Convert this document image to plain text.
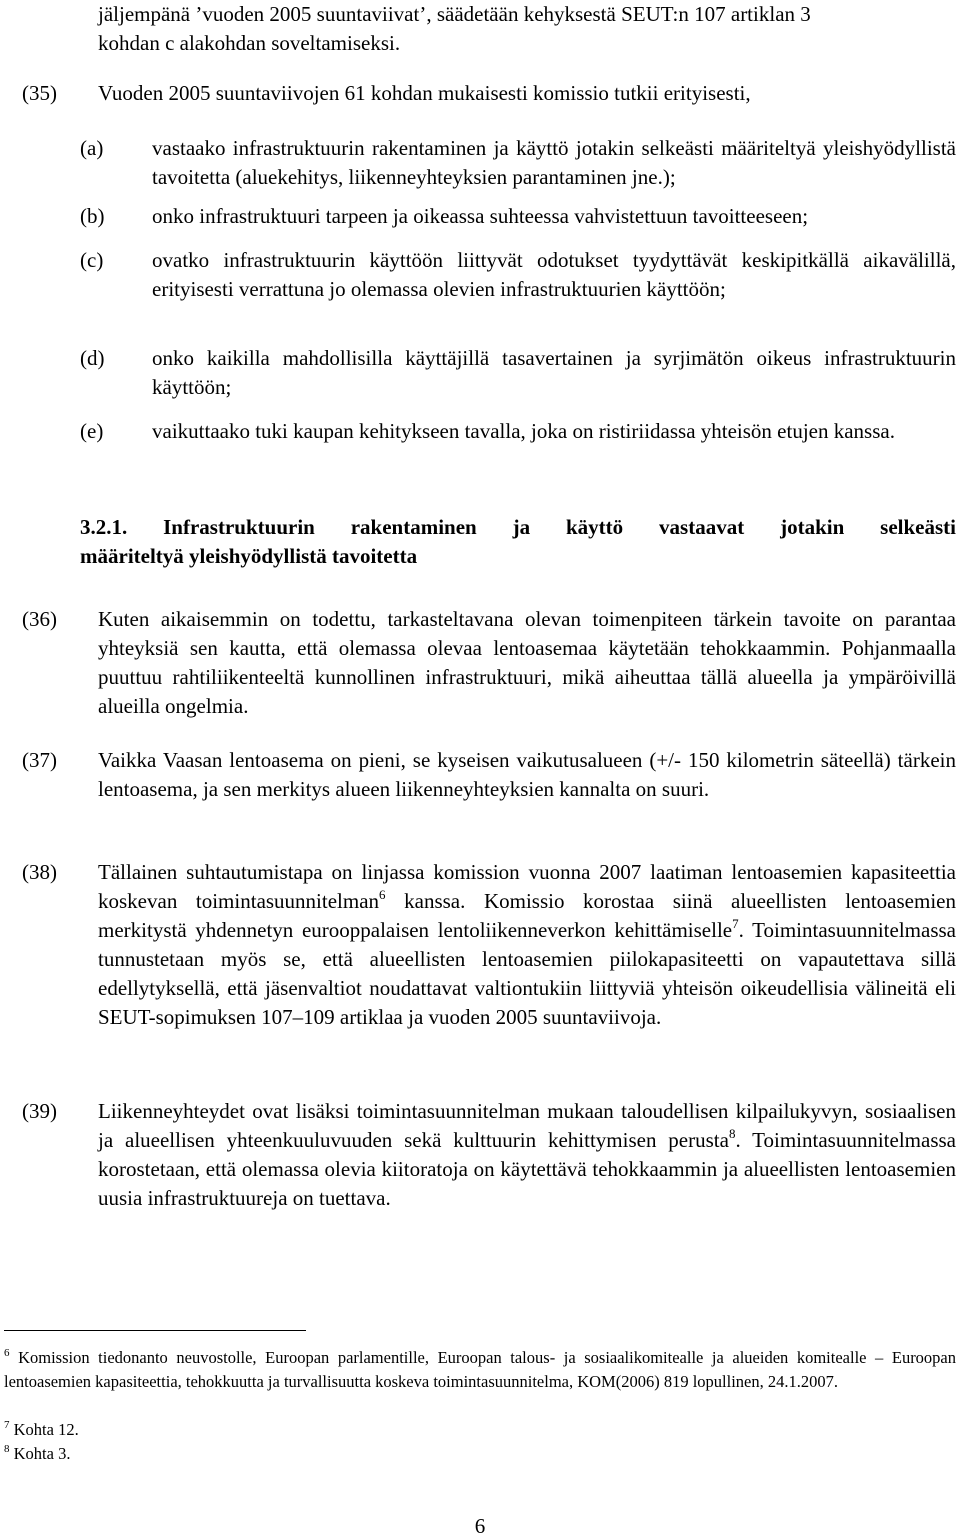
jäljempänä ’vuoden 2005 suuntaviivat’, säädetään kehyksestä SEUT:n 107 artiklan 3
kohdan c alakohdan soveltamiseksi.
(35) Vuoden 2005 suuntaviivojen 61 kohdan mukaisesti komissio tutkii erityisesti,
(a) vastaako infrastruktuurin rakentaminen ja käyttö jotakin selkeästi määriteltyä yleishyödyllistä tavoitetta (aluekehitys, liikenneyhteyksien parantaminen jne.);
(b) onko infrastruktuuri tarpeen ja oikeassa suhteessa vahvistettuun tavoitteeseen;
(c) ovatko infrastruktuurin käyttöön liittyvät odotukset tyydyttävät keskipitkällä aikavälillä, erityisesti verrattuna jo olemassa olevien infrastruktuurien käyttöön;
(d) onko kaikilla mahdollisilla käyttäjillä tasavertainen ja syrjimätön oikeus infrastruktuurin käyttöön;
(e) vaikuttaako tuki kaupan kehitykseen tavalla, joka on ristiriidassa yhteisön etujen kanssa.
3.2.1. Infrastruktuurin rakentaminen ja käyttö vastaavat jotakin selkeästi
määriteltyä yleishyödyllistä tavoitetta
(36) Kuten aikaisemmin on todettu, tarkasteltavana olevan toimenpiteen tärkein tavoite on parantaa yhteyksiä sen kautta, että olemassa olevaa lentoasemaa käytetään tehokkaammin. Pohjanmaalla puuttuu rahtiliikenteeltä kunnollinen infrastruktuuri, mikä aiheuttaa tällä alueella ja ympäröivillä alueilla ongelmia.
(37) Vaikka Vaasan lentoasema on pieni, se kyseisen vaikutusalueen (+/- 150 kilometrin säteellä) tärkein lentoasema, ja sen merkitys alueen liikenneyhteyksien kannalta on suuri.
(38) Tällainen suhtautumistapa on linjassa komission vuonna 2007 laatiman lentoasemien kapasiteettia koskevan toimintasuunnitelman$^6$ kanssa. Komissio korostaa siinä alueellisten lentoasemien merkitystä yhdennetyn eurooppalaisen lentoliikenneverkon kehittämiselle$^7$. Toimintasuunnitelmassa tunnustetaan myös se, että alueellisten lentoasemien piilokapasiteetti on vapautettava sillä edellytyksellä, että jäsenvaltiot noudattavat valtiontukiin liittyviä yhteisön oikeudellisia välineitä eli SEUT-sopimuksen 107–109 artiklaa ja vuoden 2005 suuntaviivoja.
(39) Liikenneyhteydet ovat lisäksi toimintasuunnitelman mukaan taloudellisen kilpailukyvyn, sosiaalisen ja alueellisen yhteenkuuluvuuden sekä kulttuurin kehittymisen perusta$^8$. Toimintasuunnitelmassa korostetaan, että olemassa olevia kiitoratoja on käytettävä tehokkaammin ja alueellisten lentoasemien uusia infrastruktuureja on tuettava.
$^6$ Komission tiedonanto neuvostolle, Euroopan parlamentille, Euroopan talous- ja sosiaalikomitealle ja alueiden komitealle – Euroopan lentoasemien kapasiteettia, tehokkuutta ja turvallisuutta koskeva toimintasuunnitelma, KOM(2006) 819 lopullinen, 24.1.2007.
$^7$ Kohta 12.
$^8$ Kohta 3.
6
